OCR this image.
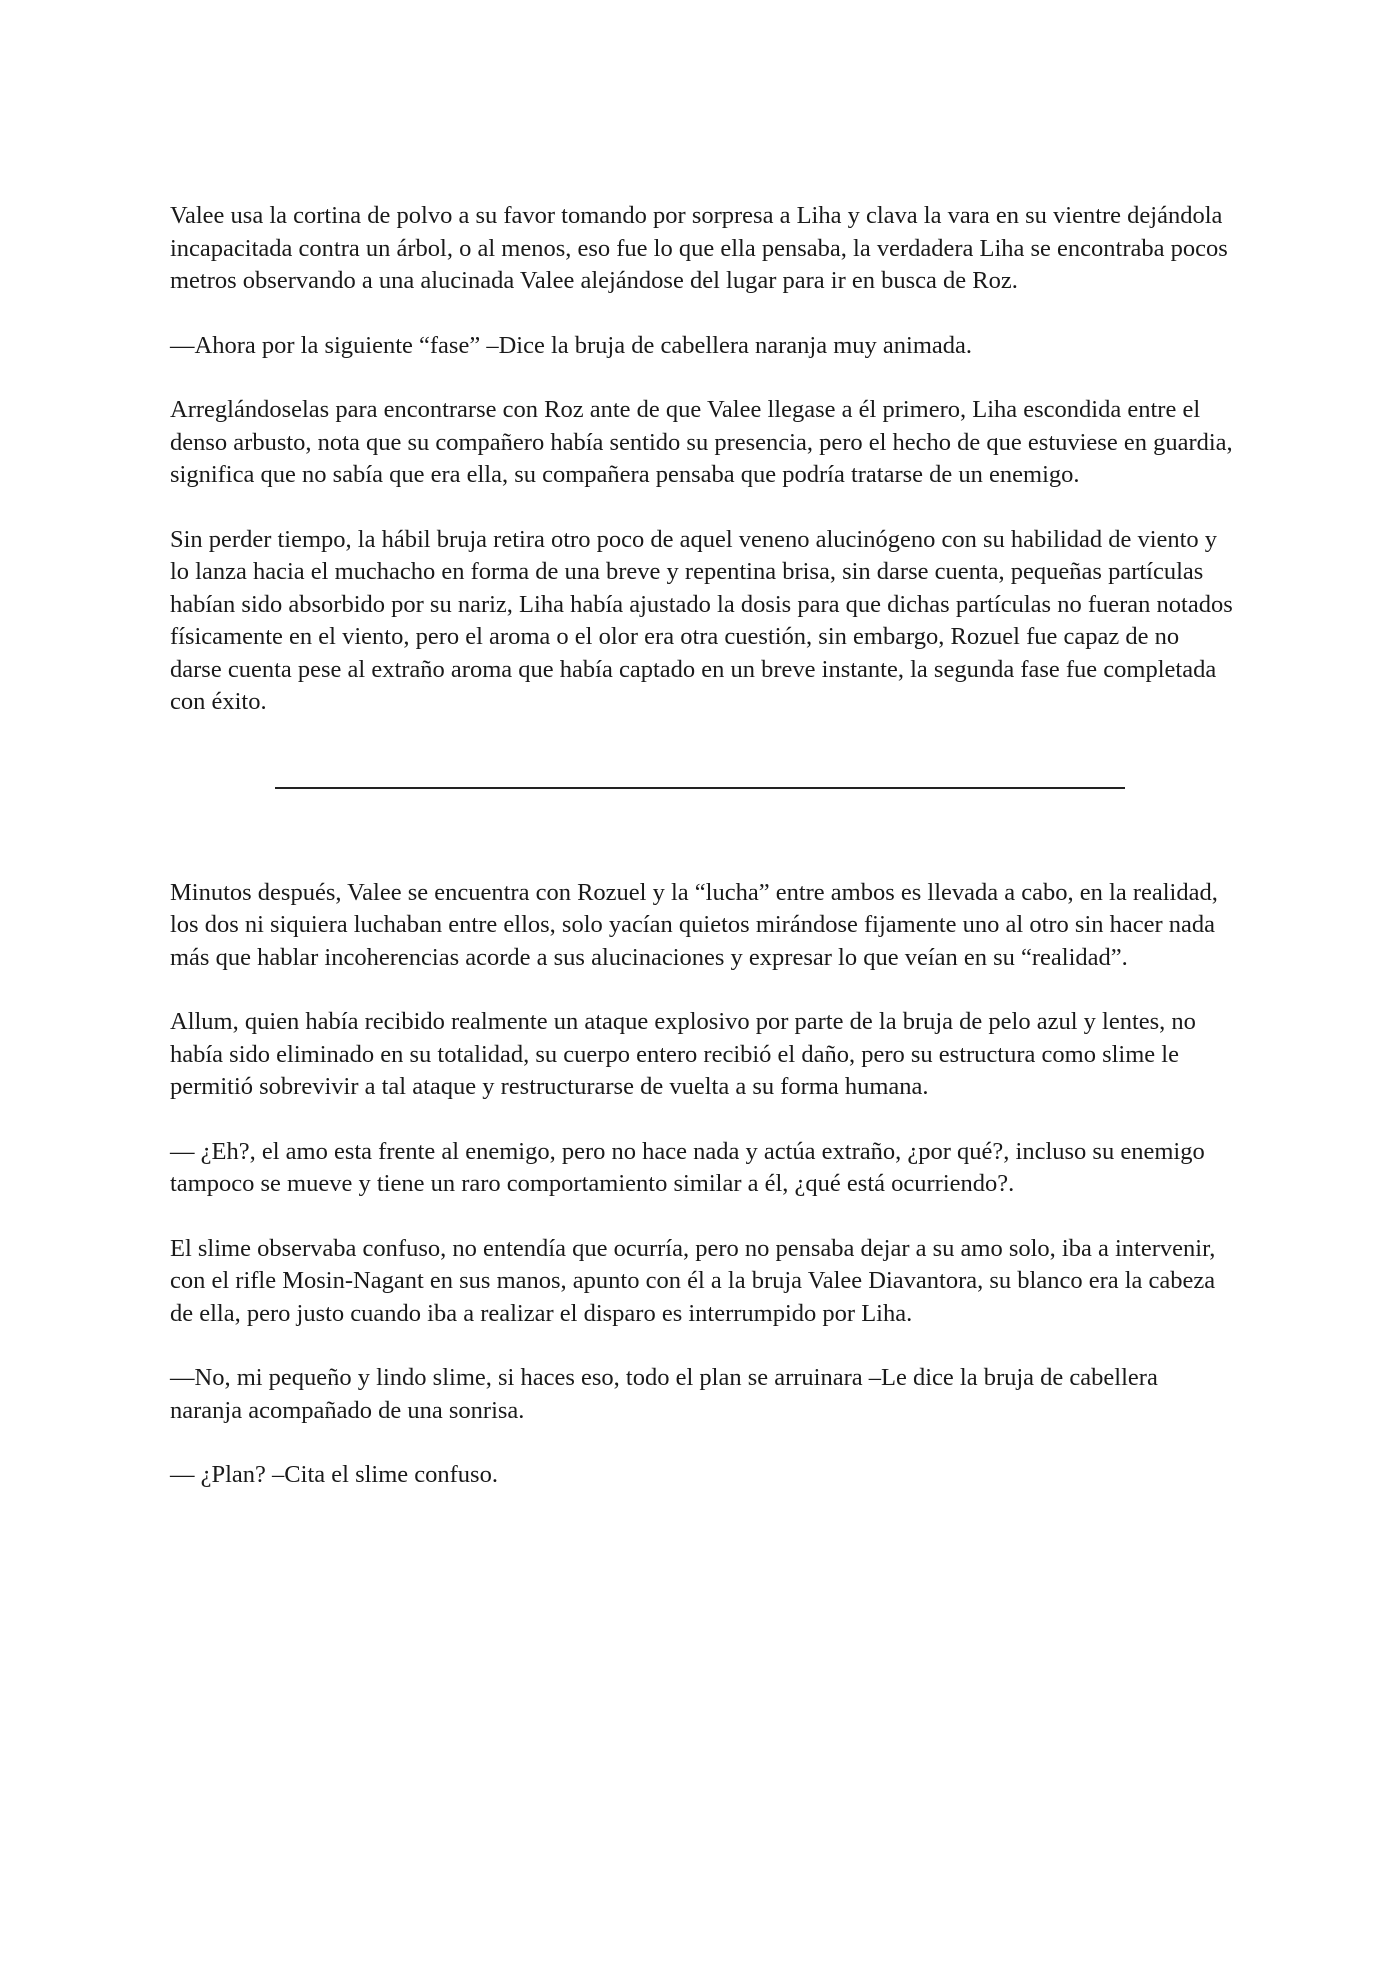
Valee usa la cortina de polvo a su favor tomando por sorpresa a Liha y clava la vara en su vientre dejándola incapacitada contra un árbol, o al menos, eso fue lo que ella pensaba, la verdadera Liha se encontraba pocos metros observando a una alucinada Valee alejándose del lugar para ir en busca de Roz.

—Ahora por la siguiente “fase” –Dice la bruja de cabellera naranja muy animada.

Arreglándoselas para encontrarse con Roz ante de que Valee llegase a él primero, Liha escondida entre el denso arbusto, nota que su compañero había sentido su presencia, pero el hecho de que estuviese en guardia, significa que no sabía que era ella, su compañera pensaba que podría tratarse de un enemigo.

Sin perder tiempo, la hábil bruja retira otro poco de aquel veneno alucinógeno con su habilidad de viento y lo lanza hacia el muchacho en forma de una breve y repentina brisa, sin darse cuenta, pequeñas partículas habían sido absorbido por su nariz, Liha había ajustado la dosis para que dichas partículas no fueran notados físicamente en el viento, pero el aroma o el olor era otra cuestión, sin embargo, Rozuel fue capaz de no darse cuenta pese al extraño aroma que había captado en un breve instante, la segunda fase fue completada con éxito.

Minutos después, Valee se encuentra con Rozuel y la “lucha” entre ambos es llevada a cabo, en la realidad, los dos ni siquiera luchaban entre ellos, solo yacían quietos mirándose fijamente uno al otro sin hacer nada más que hablar incoherencias acorde a sus alucinaciones y expresar lo que veían en su “realidad”.

Allum, quien había recibido realmente un ataque explosivo por parte de la bruja de pelo azul y lentes, no había sido eliminado en su totalidad, su cuerpo entero recibió el daño, pero su estructura como slime le permitió sobrevivir a tal ataque y restructurarse de vuelta a su forma humana.

— ¿Eh?, el amo esta frente al enemigo, pero no hace nada y actúa extraño, ¿por qué?, incluso su enemigo tampoco se mueve y tiene un raro comportamiento similar a él, ¿qué está ocurriendo?.

El slime observaba confuso, no entendía que ocurría, pero no pensaba dejar a su amo solo, iba a intervenir, con el rifle Mosin-Nagant en sus manos, apunto con él a la bruja Valee Diavantora, su blanco era la cabeza de ella, pero justo cuando iba a realizar el disparo es interrumpido por Liha.

—No, mi pequeño y lindo slime, si haces eso, todo el plan se arruinara –Le dice la bruja de cabellera naranja acompañado de una sonrisa.

— ¿Plan? –Cita el slime confuso.
